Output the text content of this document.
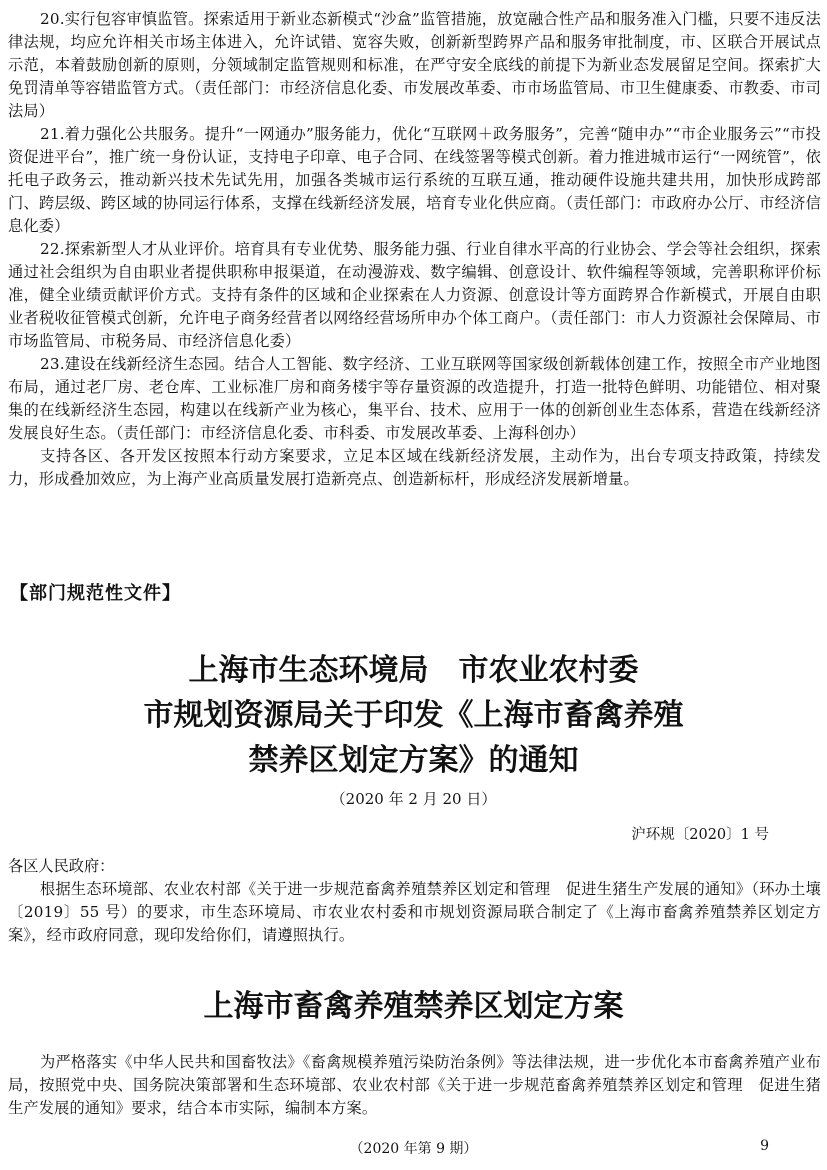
20.实行包容审慎监管。探索适用于新业态新模式“沙盒”监管措施，放宽融合性产品和服务准入门槛，只要不违反法律法规，均应允许相关市场主体进入，允许试错、宽容失败，创新新型跨界产品和服务审批制度，市、区联合开展试点示范，本着鼓励创新的原则，分领域制定监管规则和标准，在严守安全底线的前提下为新业态发展留足空间。探索扩大免罚清单等容错监管方式。（责任部门：市经济信息化委、市发展改革委、市市场监管局、市卫生健康委、市教委、市司法局）

21.着力强化公共服务。提升“一网通办”服务能力，优化“互联网＋政务服务”，完善“随申办”“市企业服务云”“市投资促进平台”，推广统一身份认证，支持电子印章、电子合同、在线签署等模式创新。着力推进城市运行“一网统管”，依托电子政务云，推动新兴技术先试先用，加强各类城市运行系统的互联互通，推动硬件设施共建共用，加快形成跨部门、跨层级、跨区域的协同运行体系，支撑在线新经济发展，培育专业化供应商。（责任部门：市政府办公厅、市经济信息化委）

22.探索新型人才从业评价。培育具有专业优势、服务能力强、行业自律水平高的行业协会、学会等社会组织，探索通过社会组织为自由职业者提供职称申报渠道，在动漫游戏、数字编辑、创意设计、软件编程等领域，完善职称评价标准，健全业绩贡献评价方式。支持有条件的区域和企业探索在人力资源、创意设计等方面跨界合作新模式，开展自由职业者税收征管模式创新，允许电子商务经营者以网络经营场所申办个体工商户。（责任部门：市人力资源社会保障局、市市场监管局、市税务局、市经济信息化委）

23.建设在线新经济生态园。结合人工智能、数字经济、工业互联网等国家级创新载体创建工作，按照全市产业地图布局，通过老厂房、老仓库、工业标准厂房和商务楼宇等存量资源的改造提升，打造一批特色鲜明、功能错位、相对聚集的在线新经济生态园，构建以在线新产业为核心，集平台、技术、应用于一体的创新创业生态体系，营造在线新经济发展良好生态。（责任部门：市经济信息化委、市科委、市发展改革委、上海科创办）

支持各区、各开发区按照本行动方案要求，立足本区域在线新经济发展，主动作为，出台专项支持政策，持续发力，形成叠加效应，为上海产业高质量发展打造新亮点、创造新标杆，形成经济发展新增量。

【部门规范性文件】
上海市生态环境局　市农业农村委
市规划资源局关于印发《上海市畜禽养殖
禁养区划定方案》的通知
（2020 年 2 月 20 日）
沪环规〔2020〕1 号

各区人民政府：

根据生态环境部、农业农村部《关于进一步规范畜禽养殖禁养区划定和管理　促进生猪生产发展的通知》（环办土壤〔2019〕55 号）的要求，市生态环境局、市农业农村委和市规划资源局联合制定了《上海市畜禽养殖禁养区划定方案》，经市政府同意，现印发给你们，请遵照执行。

上海市畜禽养殖禁养区划定方案

为严格落实《中华人民共和国畜牧法》《畜禽规模养殖污染防治条例》等法律法规，进一步优化本市畜禽养殖产业布局，按照党中央、国务院决策部署和生态环境部、农业农村部《关于进一步规范畜禽养殖禁养区划定和管理　促进生猪生产发展的通知》要求，结合本市实际，编制本方案。

（2020 年第 9 期）	9
